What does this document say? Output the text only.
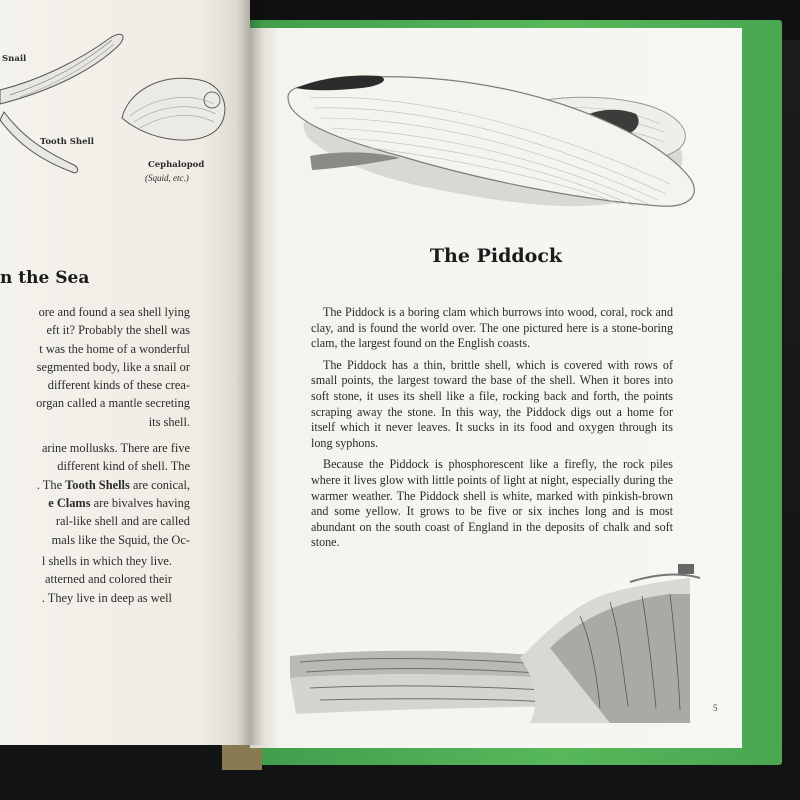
Snail
Tooth Shell
Cephalopod
(Squid, etc.)
n the Sea
ore and found a sea shell lying
eft it? Probably the shell was
t was the home of a wonderful
segmented body, like a snail or
different kinds of these crea-
organ called a mantle secreting
its shell.
arine mollusks. There are five
different kind of shell. The
. The Tooth Shells are conical,
e Clams are bivalves having
ral-like shell and are called
mals like the Squid, the Oc-
l shells in which they live.
atterned and colored their
. They live in deep as well
The Piddock

The Piddock is a boring clam which burrows into wood, coral, rock and clay, and is found the world over. The one pictured here is a stone-boring clam, the largest found on the English coasts.

The Piddock has a thin, brittle shell, which is covered with rows of small points, the largest toward the base of the shell. When it bores into soft stone, it uses its shell like a file, rocking back and forth, the points scraping away the stone. In this way, the Piddock digs out a home for itself which it never leaves. It sucks in its food and oxygen through its long syphons.

Because the Piddock is phosphorescent like a firefly, the rock piles where it lives glow with little points of light at night, especially during the warmer weather. The Piddock shell is white, marked with pinkish-brown and some yellow. It grows to be five or six inches long and is most abundant on the south coast of England in the deposits of chalk and soft stone.

5
